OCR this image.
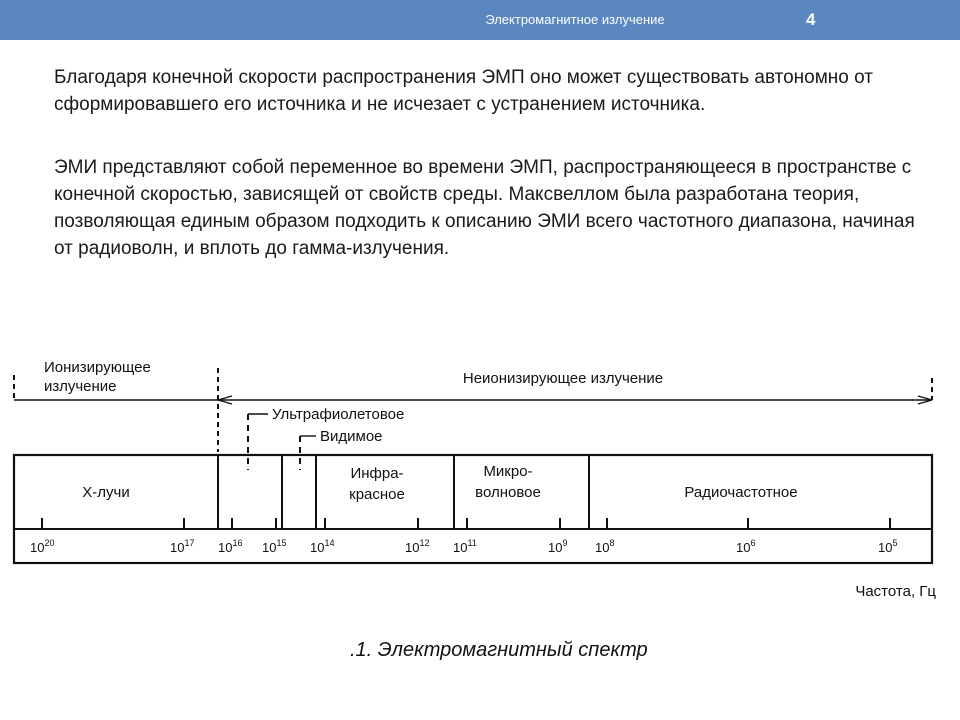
Электромагнитное излучение	4

Благодаря конечной скорости распространения ЭМП оно может существовать автономно от сформировавшего его источника и не исчезает с устранением источника.

ЭМИ представляют собой переменное во времени ЭМП, распространяющееся в пространстве с конечной скоростью, зависящей от свойств среды. Максвеллом была разработана теория, позволяющая единым образом подходить к описанию ЭМИ всего частотного диапазона, начиная от радиоволн, и вплоть до гамма-излучения.

Ионизирующее
излучение	Неионизирующее излучение
Ультрафиолетовое
Видимое
Х-лучи
Инфра-
красное
Микро-
волновое	Радиочастотное
$10^{20}$	$10^{17}$ $10^{16}$ $10^{15}$ $10^{14}$	$10^{12}$ $10^{11}$	$10^9$ $10^8$	$10^6$	$10^5$
Частота, Гц
.1. Электромагнитный спектр
